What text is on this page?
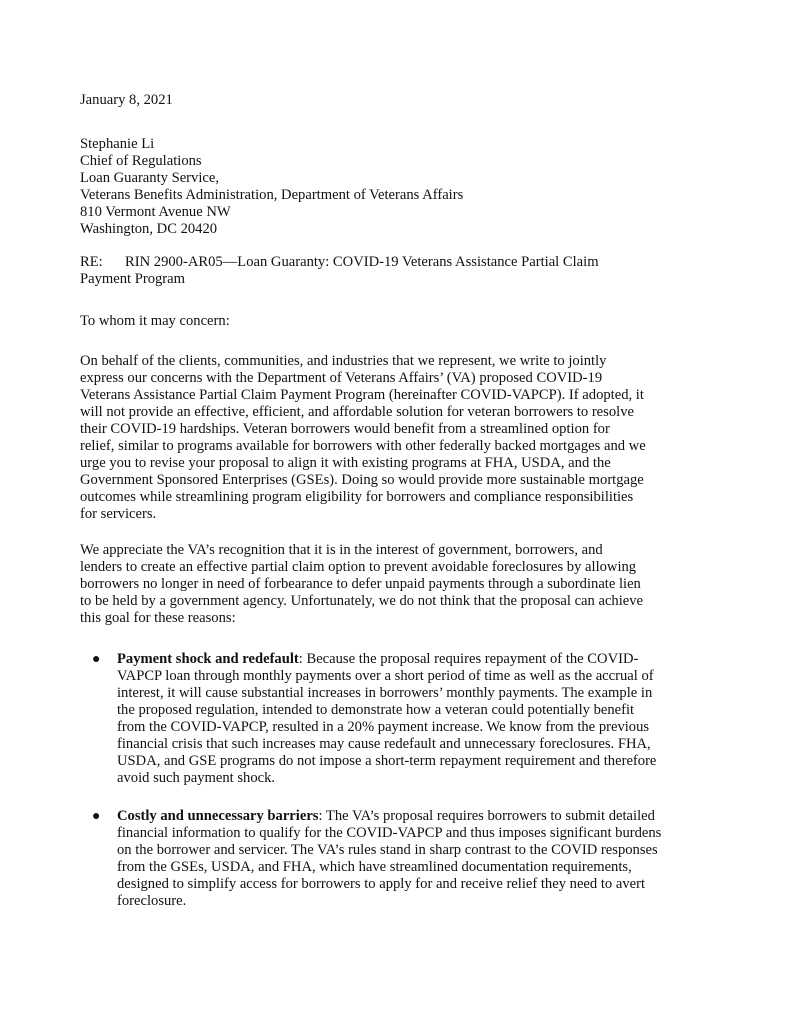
January 8, 2021

Stephanie Li
Chief of Regulations
Loan Guaranty Service,
Veterans Benefits Administration, Department of Veterans Affairs
810 Vermont Avenue NW
Washington, DC 20420
RE: RIN 2900-AR05—Loan Guaranty: COVID-19 Veterans Assistance Partial Claim
Payment Program

To whom it may concern:

On behalf of the clients, communities, and industries that we represent, we write to jointly
express our concerns with the Department of Veterans Affairs’ (VA) proposed COVID-19
Veterans Assistance Partial Claim Payment Program (hereinafter COVID-VAPCP). If adopted, it
will not provide an effective, efficient, and affordable solution for veteran borrowers to resolve
their COVID-19 hardships. Veteran borrowers would benefit from a streamlined option for
relief, similar to programs available for borrowers with other federally backed mortgages and we
urge you to revise your proposal to align it with existing programs at FHA, USDA, and the
Government Sponsored Enterprises (GSEs). Doing so would provide more sustainable mortgage
outcomes while streamlining program eligibility for borrowers and compliance responsibilities
for servicers.
We appreciate the VA’s recognition that it is in the interest of government, borrowers, and
lenders to create an effective partial claim option to prevent avoidable foreclosures by allowing
borrowers no longer in need of forbearance to defer unpaid payments through a subordinate lien
to be held by a government agency. Unfortunately, we do not think that the proposal can achieve
this goal for these reasons:
● Payment shock and redefault: Because the proposal requires repayment of the COVID-
VAPCP loan through monthly payments over a short period of time as well as the accrual of
interest, it will cause substantial increases in borrowers’ monthly payments. The example in
the proposed regulation, intended to demonstrate how a veteran could potentially benefit
from the COVID-VAPCP, resulted in a 20% payment increase. We know from the previous
financial crisis that such increases may cause redefault and unnecessary foreclosures. FHA,
USDA, and GSE programs do not impose a short-term repayment requirement and therefore
avoid such payment shock.
● Costly and unnecessary barriers: The VA’s proposal requires borrowers to submit detailed
financial information to qualify for the COVID-VAPCP and thus imposes significant burdens
on the borrower and servicer. The VA’s rules stand in sharp contrast to the COVID responses
from the GSEs, USDA, and FHA, which have streamlined documentation requirements,
designed to simplify access for borrowers to apply for and receive relief they need to avert
foreclosure.
